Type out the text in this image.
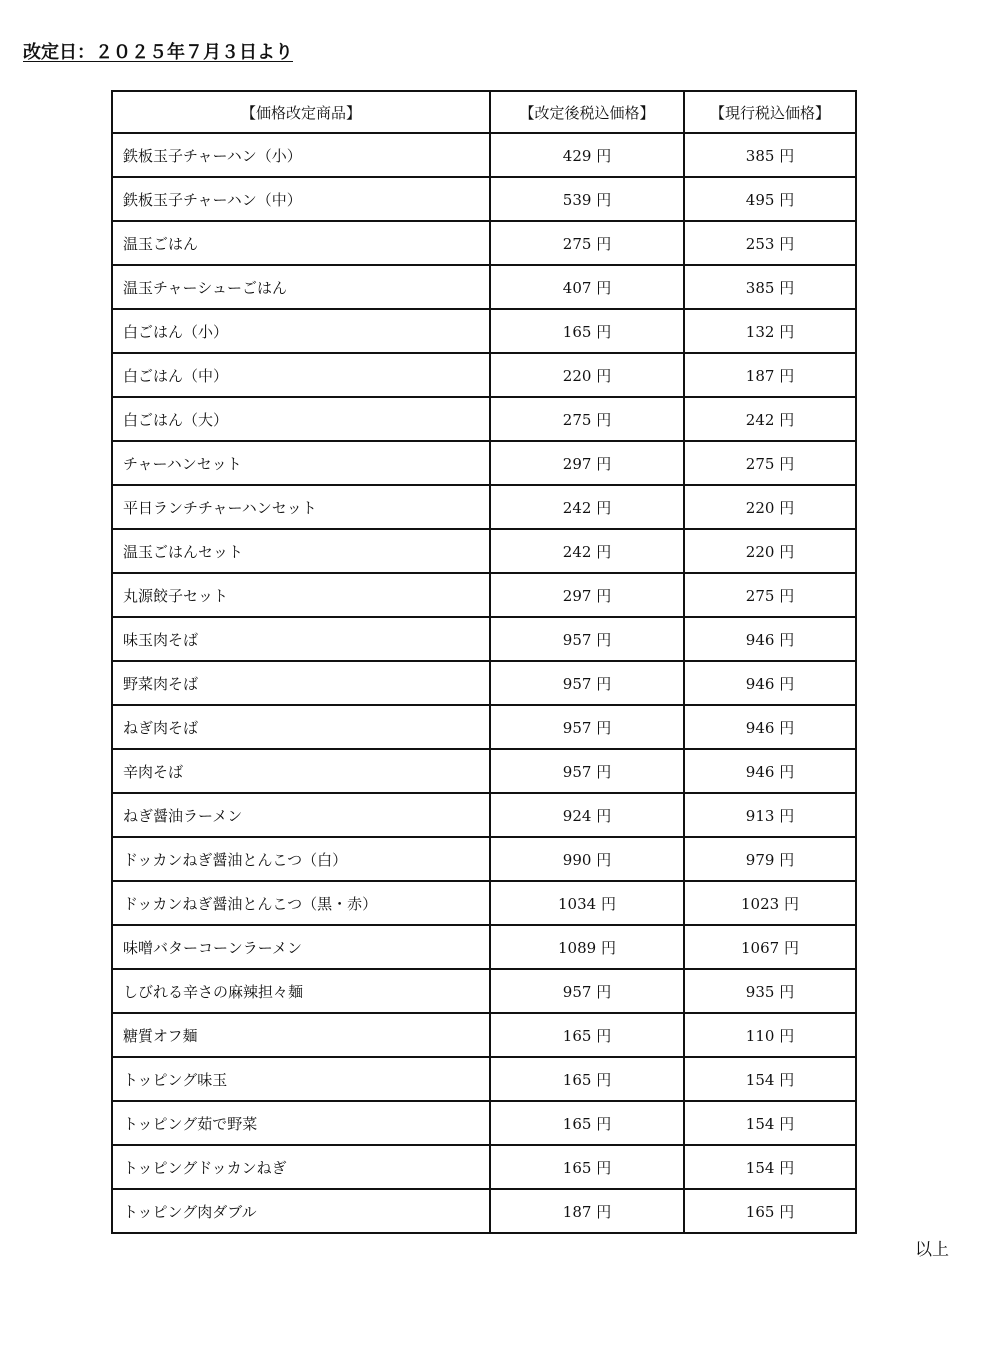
改定日：２０２５年７月３日より
【価格改定商品】	【改定後税込価格】	【現行税込価格】
鉄板玉子チャーハン（小）	429 円	385 円
鉄板玉子チャーハン（中）	539 円	495 円
温玉ごはん	275 円	253 円
温玉チャーシューごはん	407 円	385 円
白ごはん（小）	165 円	132 円
白ごはん（中）	220 円	187 円
白ごはん（大）	275 円	242 円
チャーハンセット	297 円	275 円
平日ランチチャーハンセット	242 円	220 円
温玉ごはんセット	242 円	220 円
丸源餃子セット	297 円	275 円
味玉肉そば	957 円	946 円
野菜肉そば	957 円	946 円
ねぎ肉そば	957 円	946 円
辛肉そば	957 円	946 円
ねぎ醤油ラーメン	924 円	913 円
ドッカンねぎ醤油とんこつ（白）	990 円	979 円
ドッカンねぎ醤油とんこつ（黒・赤）	1034 円	1023 円
味噌バターコーンラーメン	1089 円	1067 円
しびれる辛さの麻辣担々麺	957 円	935 円
糖質オフ麺	165 円	110 円
トッピング味玉	165 円	154 円
トッピング茹で野菜	165 円	154 円
トッピングドッカンねぎ	165 円	154 円
トッピング肉ダブル	187 円	165 円
以上
